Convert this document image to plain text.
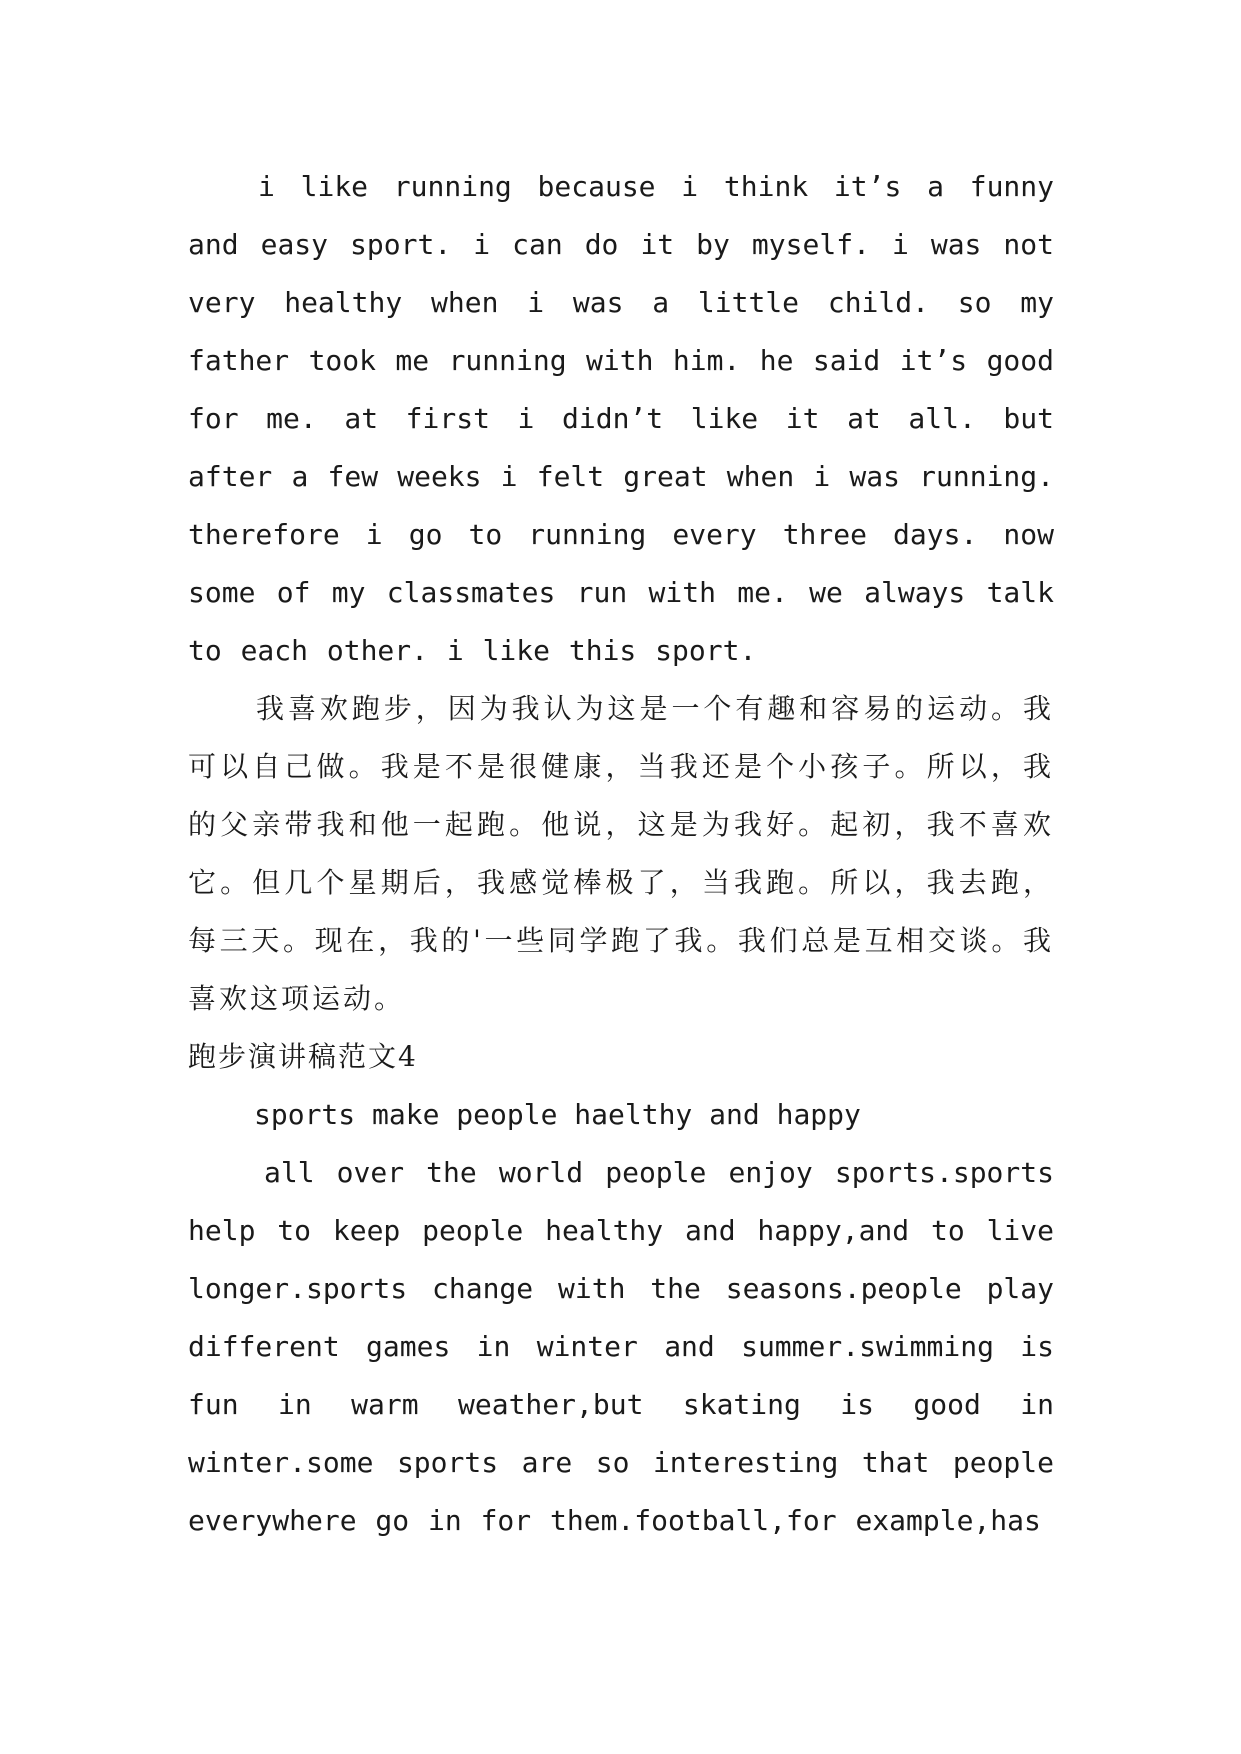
i like running because i think it’s a funny and easy sport. i can do it by myself. i was not very healthy when i was a little child. so my father took me running with him. he said it’s good for me. at first i didn’t like it at all. but after a few weeks i felt great when i was running. therefore i go to running every three days. now some of my classmates run with me. we always talk to each other. i like this sport.

我喜欢跑步，因为我认为这是一个有趣和容易的运动。我可以自己做。我是不是很健康，当我还是个小孩子。所以，我的父亲带我和他一起跑。他说，这是为我好。起初，我不喜欢它。但几个星期后，我感觉棒极了，当我跑。所以，我去跑，每三天。现在，我的'一些同学跑了我。我们总是互相交谈。我喜欢这项运动。

跑步演讲稿范文4

sports make people haelthy and happy

all over the world people enjoy sports.sports help to keep people healthy and happy,and to live longer.sports change with the seasons.people play different games in winter and summer.swimming is fun in warm weather,but skating is good in winter.some sports are so interesting that people everywhere go in for them.football,for example,has
